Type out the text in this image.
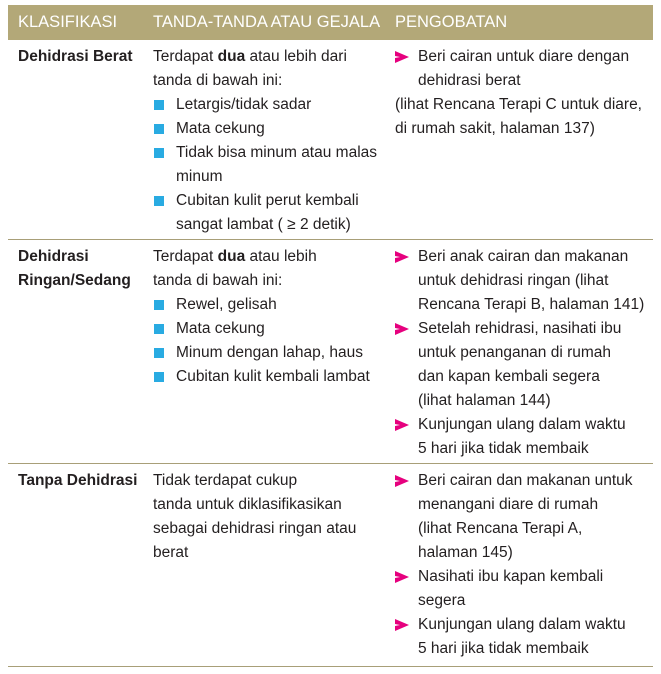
KLASIFIKASI TANDA-TANDA ATAU GEJALA PENGOBATAN
Dehidrasi Berat	Terdapat dua atau lebih dari
tanda di bawah ini:
Letargis/tidak sadar
Mata cekung
Tidak bisa minum atau malas
minum
Cubitan kulit perut kembali
sangat lambat ( ≥ 2 detik)
Beri cairan untuk diare dengan
dehidrasi berat
(lihat Rencana Terapi C untuk diare,
di rumah sakit, halaman 137)
Dehidrasi
Ringan/Sedang
Terdapat dua atau lebih
tanda di bawah ini:
Rewel, gelisah
Mata cekung
Minum dengan lahap, haus
Cubitan kulit kembali lambat
Beri anak cairan dan makanan
untuk dehidrasi ringan (lihat
Rencana Terapi B, halaman 141)
Setelah rehidrasi, nasihati ibu
untuk penanganan di rumah
dan kapan kembali segera
(lihat halaman 144)
Kunjungan ulang dalam waktu
5 hari jika tidak membaik
Tanpa Dehidrasi	Tidak terdapat cukup
tanda untuk diklasifikasikan
sebagai dehidrasi ringan atau
berat
Beri cairan dan makanan untuk
menangani diare di rumah
(lihat Rencana Terapi A,
halaman 145)
Nasihati ibu kapan kembali
segera
Kunjungan ulang dalam waktu
5 hari jika tidak membaik
